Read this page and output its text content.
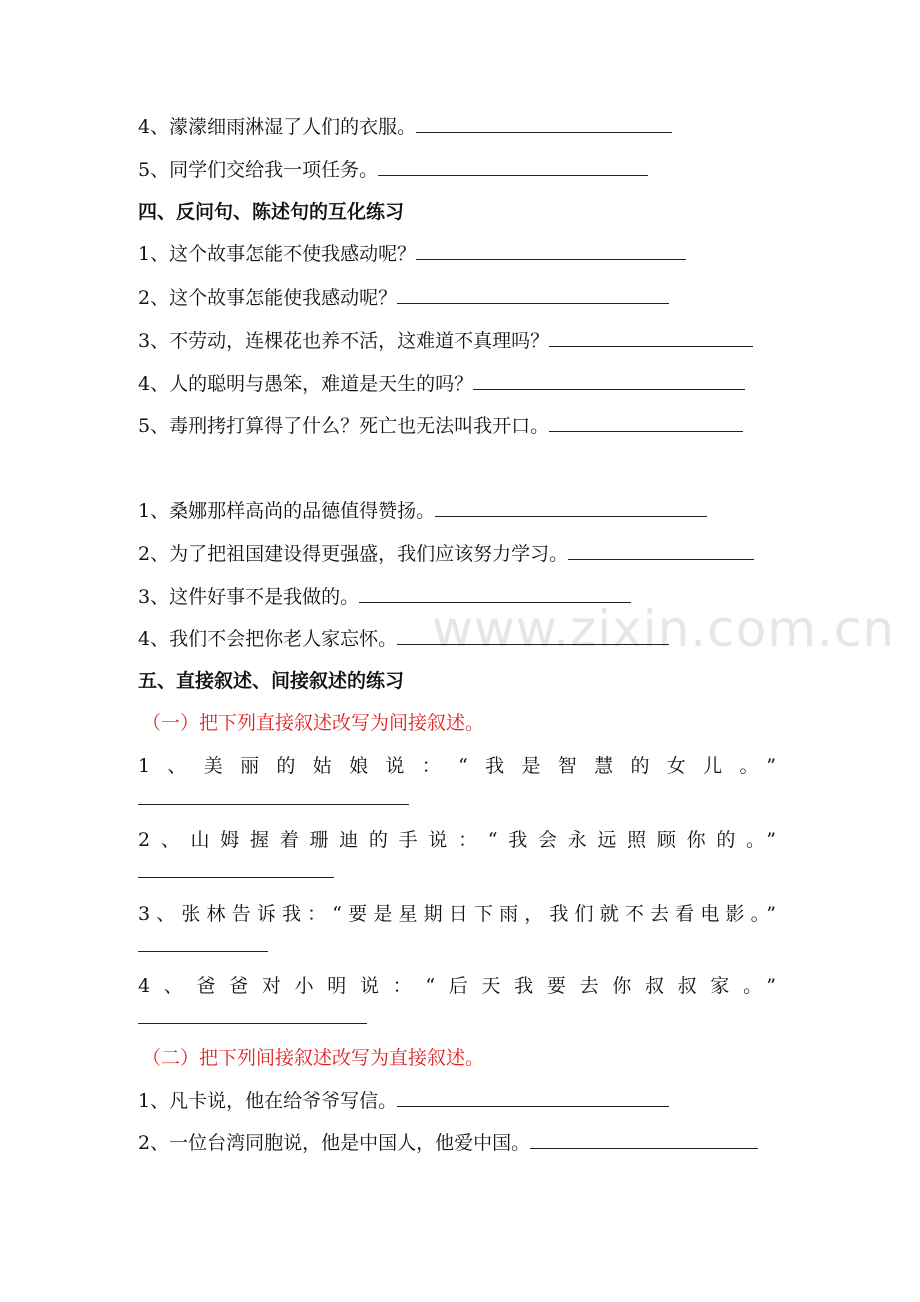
www.zixin.com.cn
4、濛濛细雨淋湿了人们的衣服。
5、同学们交给我一项任务。
四、反问句、陈述句的互化练习
1、这个故事怎能不使我感动呢？
2、这个故事怎能使我感动呢？
3、不劳动，连棵花也养不活，这难道不真理吗？
4、人的聪明与愚笨，难道是天生的吗？
5、毒刑拷打算得了什么？死亡也无法叫我开口。
1、桑娜那样高尚的品德值得赞扬。
2、为了把祖国建设得更强盛，我们应该努力学习。
3、这件好事不是我做的。
4、我们不会把你老人家忘怀。
五、直接叙述、间接叙述的练习
（一）把下列直接叙述改写为间接叙述。
1、美丽的姑娘说：“我是智慧的女儿。”
2、山姆握着珊迪的手说：“我会永远照顾你的。”
3、张林告诉我：“要是星期日下雨，我们就不去看电影。”
4、爸爸对小明说：“后天我要去你叔叔家。”
（二）把下列间接叙述改写为直接叙述。
1、凡卡说，他在给爷爷写信。
2、一位台湾同胞说，他是中国人，他爱中国。
